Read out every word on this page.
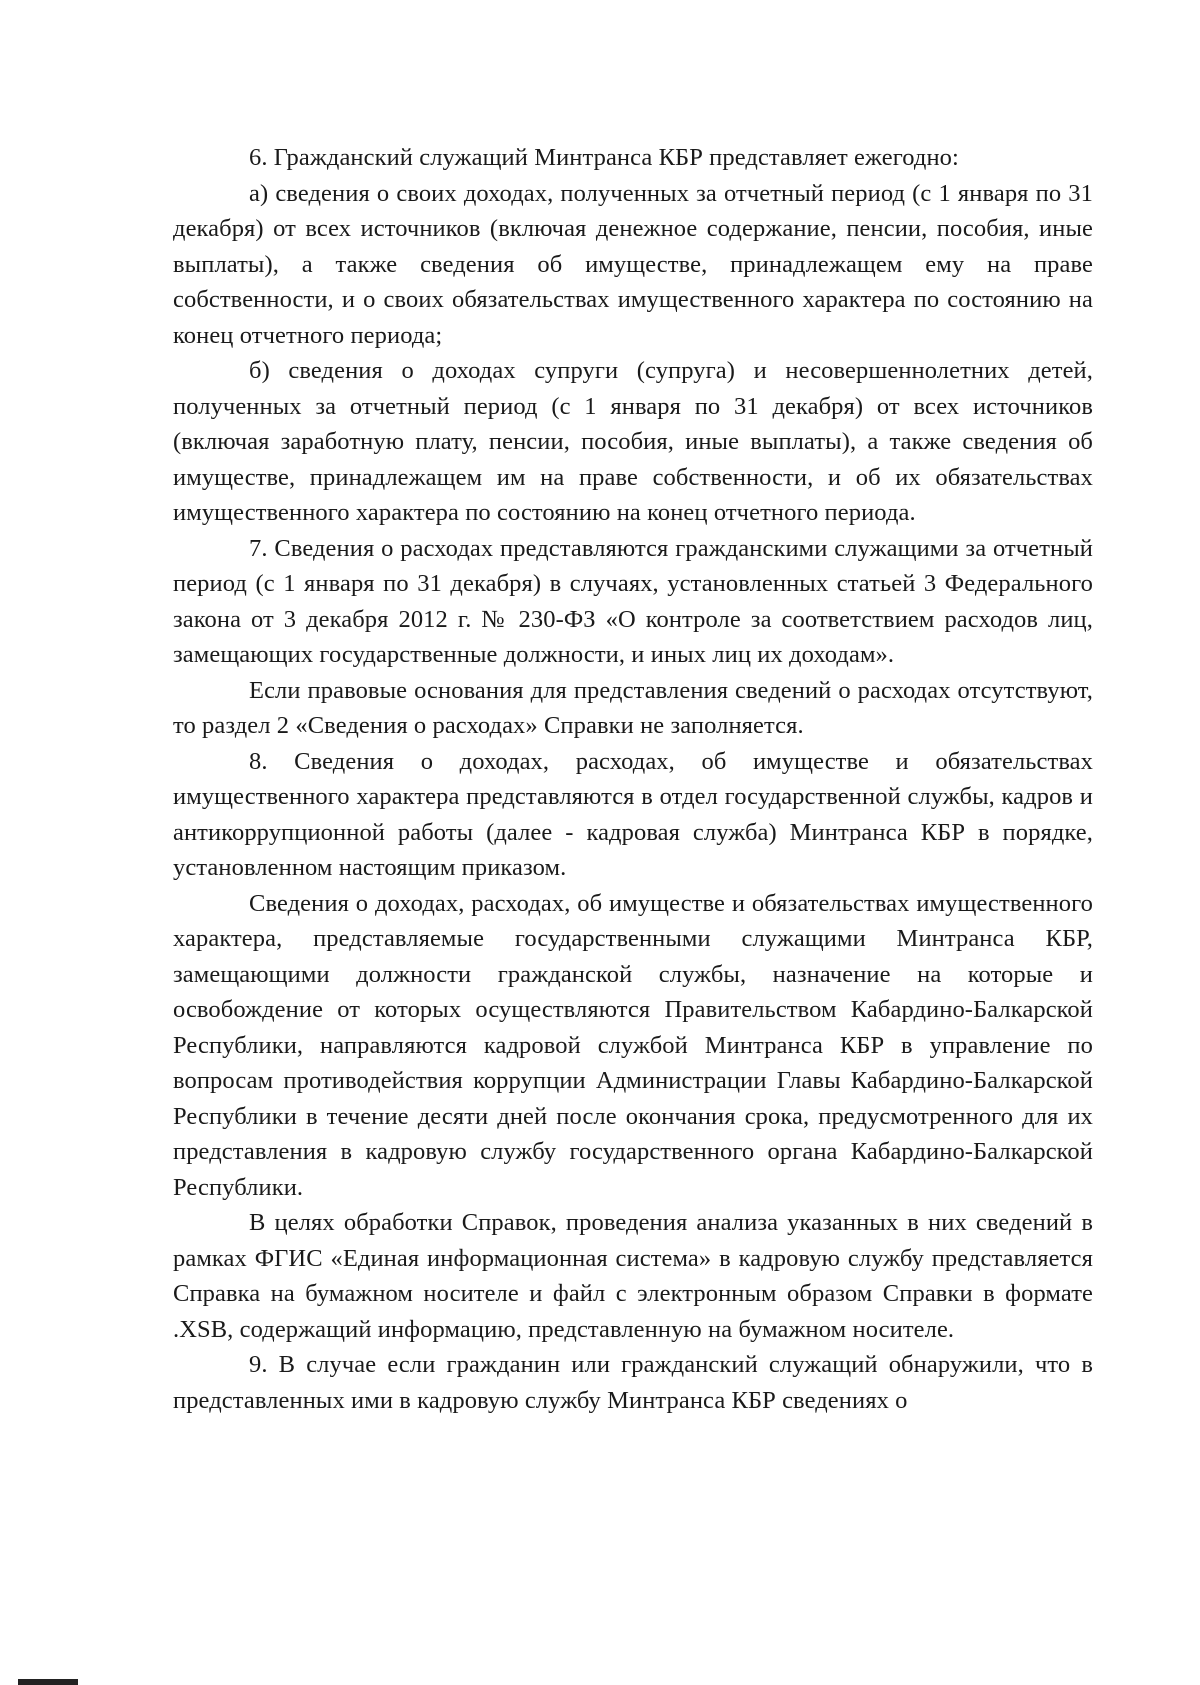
6. Гражданский служащий Минтранса КБР представляет ежегодно:

а) сведения о своих доходах, полученных за отчетный период (с 1 января по 31 декабря) от всех источников (включая денежное содержание, пенсии, пособия, иные выплаты), а также сведения об имуществе, принадлежащем ему на праве собственности, и о своих обязательствах имущественного характера по состоянию на конец отчетного периода;

б) сведения о доходах супруги (супруга) и несовершеннолетних детей, полученных за отчетный период (с 1 января по 31 декабря) от всех источников (включая заработную плату, пенсии, пособия, иные выплаты), а также сведения об имуществе, принадлежащем им на праве собственности, и об их обязательствах имущественного характера по состоянию на конец отчетного периода.

7. Сведения о расходах представляются гражданскими служащими за отчетный период (с 1 января по 31 декабря) в случаях, установленных статьей 3 Федерального закона от 3 декабря 2012 г. № 230-ФЗ «О контроле за соответствием расходов лиц, замещающих государственные должности, и иных лиц их доходам».

Если правовые основания для представления сведений о расходах отсутствуют, то раздел 2 «Сведения о расходах» Справки не заполняется.

8. Сведения о доходах, расходах, об имуществе и обязательствах имущественного характера представляются в отдел государственной службы, кадров и антикоррупционной работы (далее - кадровая служба) Минтранса КБР в порядке, установленном настоящим приказом.

Сведения о доходах, расходах, об имуществе и обязательствах имущественного характера, представляемые государственными служащими Минтранса КБР, замещающими должности гражданской службы, назначение на которые и освобождение от которых осуществляются Правительством Кабардино-Балкарской Республики, направляются кадровой службой Минтранса КБР в управление по вопросам противодействия коррупции Администрации Главы Кабардино-Балкарской Республики в течение десяти дней после окончания срока, предусмотренного для их представления в кадровую службу государственного органа Кабардино-Балкарской Республики.

В целях обработки Справок, проведения анализа указанных в них сведений в рамках ФГИС «Единая информационная система» в кадровую службу представляется Справка на бумажном носителе и файл с электронным образом Справки в формате .XSB, содержащий информацию, представленную на бумажном носителе.

9. В случае если гражданин или гражданский служащий обнаружили, что в представленных ими в кадровую службу Минтранса КБР сведениях о
